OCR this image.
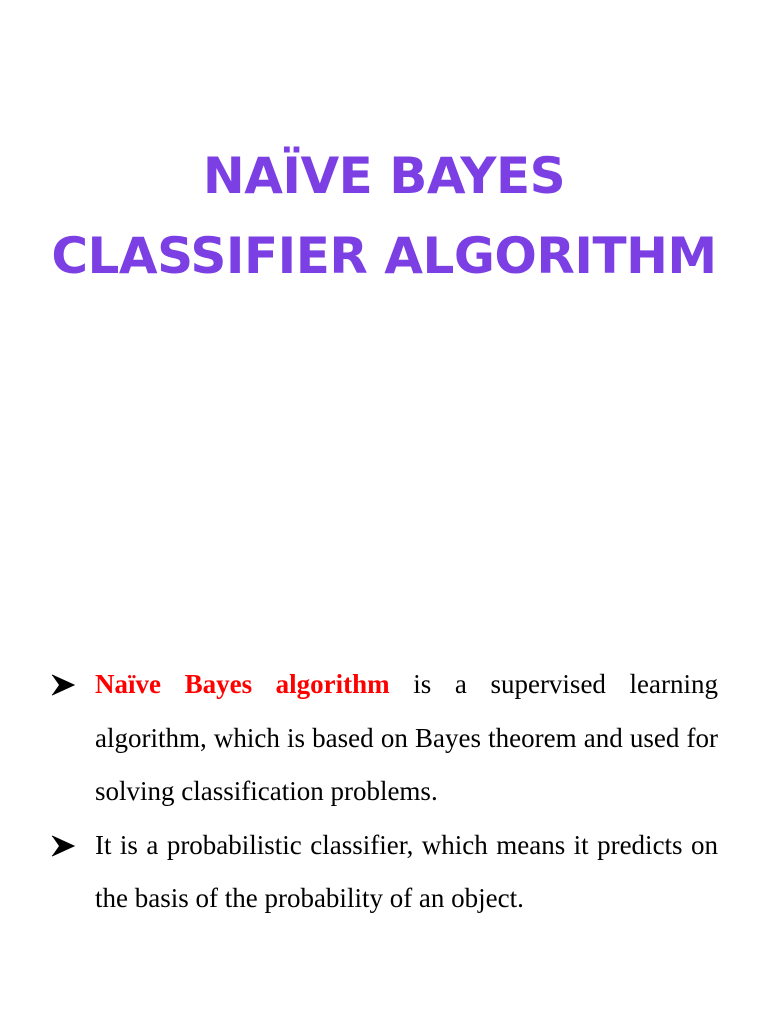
NAÏVE BAYES
CLASSIFIER ALGORITHM
Naïve Bayes algorithm is a supervised learning algorithm, which is based on Bayes theorem and used for solving classification problems.
It is a probabilistic classifier, which means it predicts on the basis of the probability of an object.
